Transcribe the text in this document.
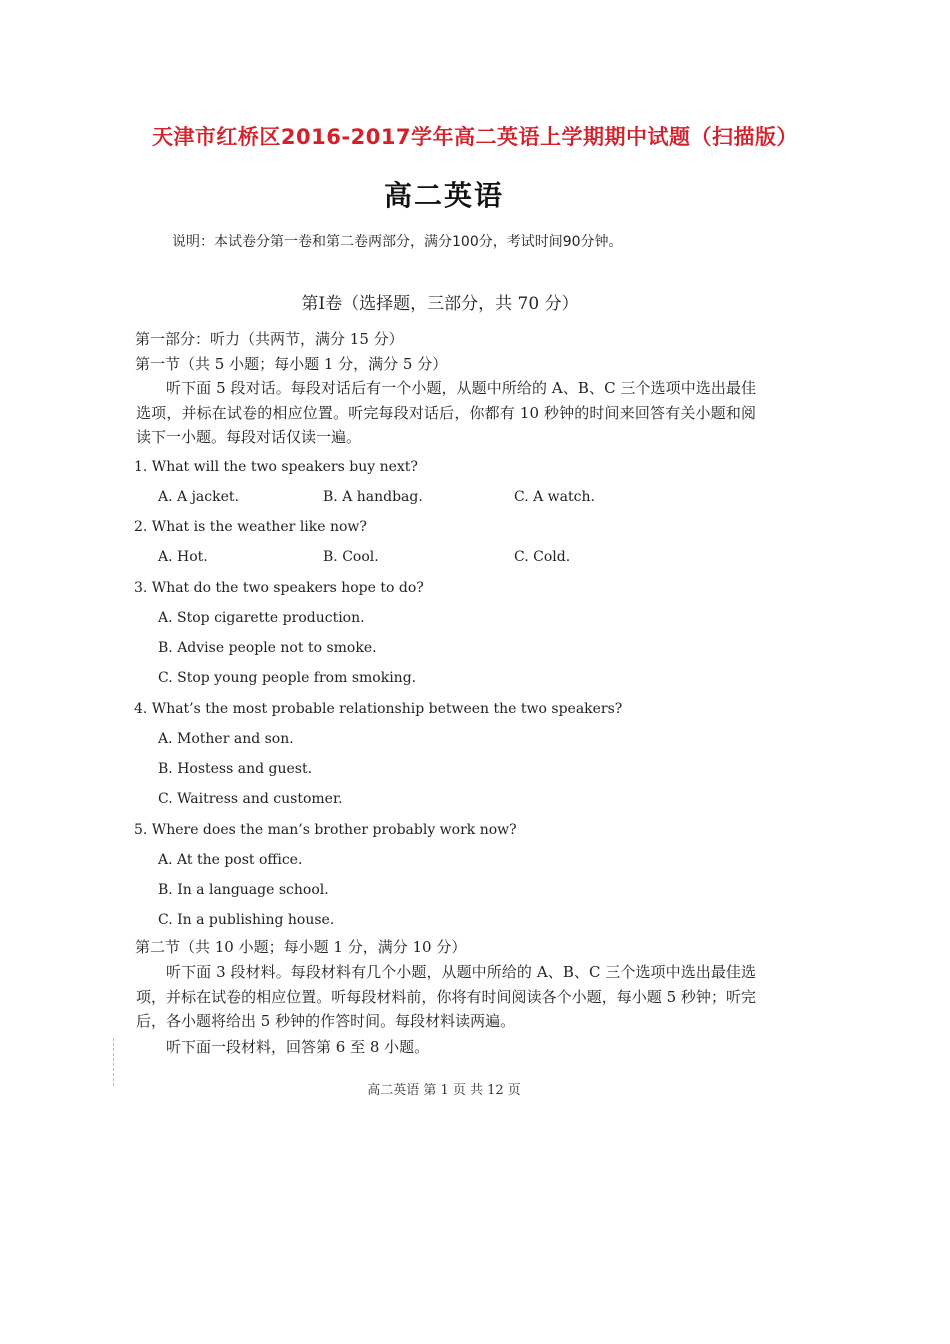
天津市红桥区2016-2017学年高二英语上学期期中试题（扫描版）
高二英语
说明：本试卷分第一卷和第二卷两部分，满分100分，考试时间90分钟。
第Ⅰ卷（选择题，三部分，共 70 分）
第一部分：听力（共两节，满分 15 分）
第一节（共 5 小题；每小题 1 分，满分 5 分）
听下面 5 段对话。每段对话后有一个小题，从题中所给的 A、B、C 三个选项中选出最佳选项，并标在试卷的相应位置。听完每段对话后，你都有 10 秒钟的时间来回答有关小题和阅读下一小题。每段对话仅读一遍。
1. What will the two speakers buy next?
A. A jacket.	B. A handbag.	C. A watch.
2. What is the weather like now?
A. Hot.	B. Cool.	C. Cold.
3. What do the two speakers hope to do?
A. Stop cigarette production.
B. Advise people not to smoke.
C. Stop young people from smoking.
4. What’s the most probable relationship between the two speakers?
A. Mother and son.
B. Hostess and guest.
C. Waitress and customer.
5. Where does the man’s brother probably work now?
A. At the post office.
B. In a language school.
C. In a publishing house.
第二节（共 10 小题；每小题 1 分，满分 10 分）
听下面 3 段材料。每段材料有几个小题，从题中所给的 A、B、C 三个选项中选出最佳选项，并标在试卷的相应位置。听每段材料前，你将有时间阅读各个小题，每小题 5 秒钟；听完后，各小题将给出 5 秒钟的作答时间。每段材料读两遍。
听下面一段材料，回答第 6 至 8 小题。
高二英语 第 1 页 共 12 页
